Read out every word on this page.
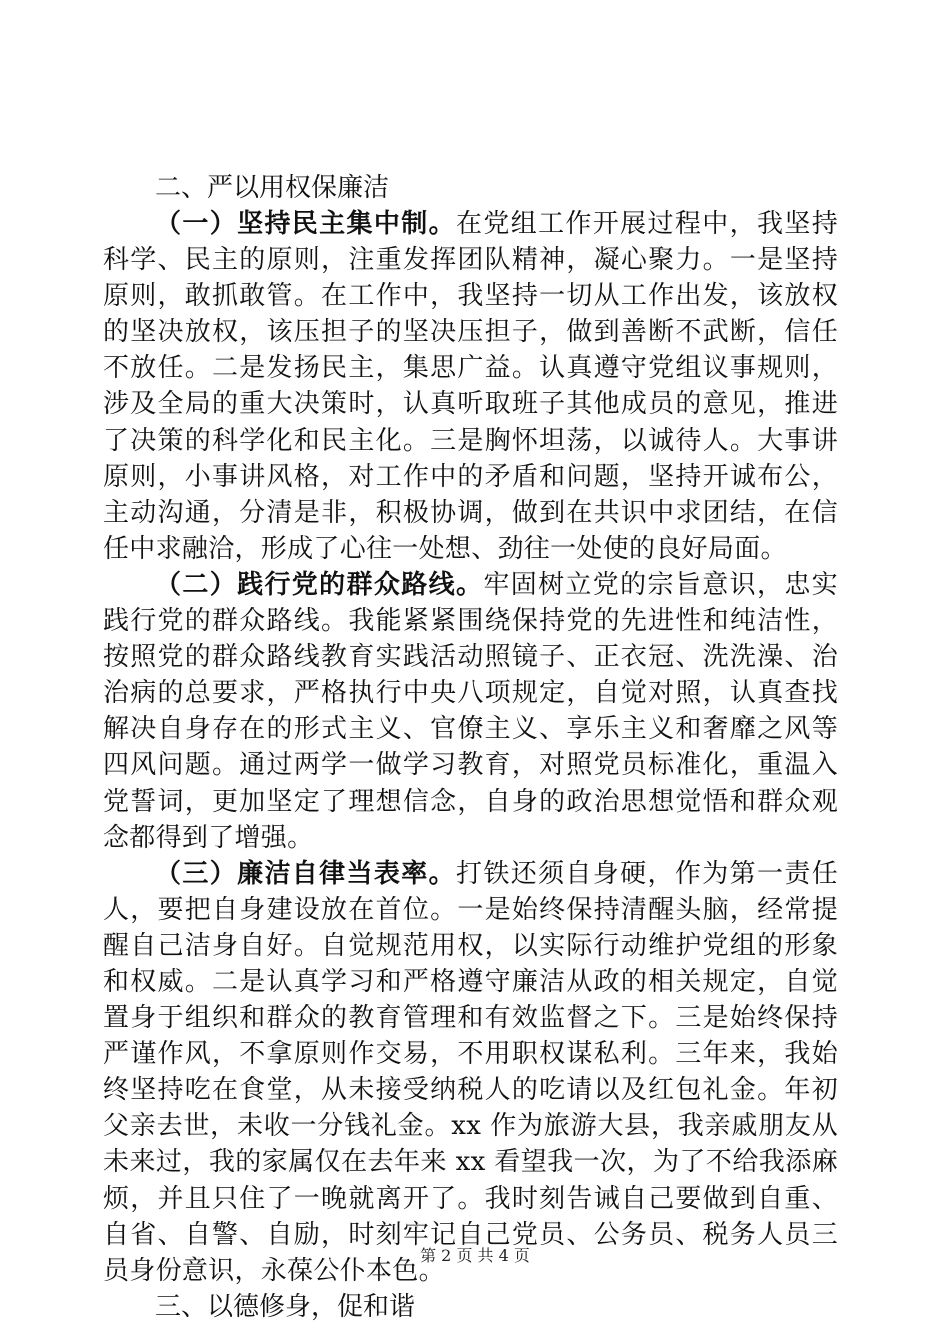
二、严以用权保廉洁

（一）坚持民主集中制。在党组工作开展过程中，我坚持科学、民主的原则，注重发挥团队精神，凝心聚力。一是坚持原则，敢抓敢管。在工作中，我坚持一切从工作出发，该放权的坚决放权，该压担子的坚决压担子，做到善断不武断，信任不放任。二是发扬民主，集思广益。认真遵守党组议事规则，涉及全局的重大决策时，认真听取班子其他成员的意见，推进了决策的科学化和民主化。三是胸怀坦荡，以诚待人。大事讲原则，小事讲风格，对工作中的矛盾和问题，坚持开诚布公，主动沟通，分清是非，积极协调，做到在共识中求团结，在信任中求融洽，形成了心往一处想、劲往一处使的良好局面。

（二）践行党的群众路线。牢固树立党的宗旨意识，忠实践行党的群众路线。我能紧紧围绕保持党的先进性和纯洁性，按照党的群众路线教育实践活动照镜子、正衣冠、洗洗澡、治治病的总要求，严格执行中央八项规定，自觉对照，认真查找解决自身存在的形式主义、官僚主义、享乐主义和奢靡之风等四风问题。通过两学一做学习教育，对照党员标准化，重温入党誓词，更加坚定了理想信念，自身的政治思想觉悟和群众观念都得到了增强。

（三）廉洁自律当表率。打铁还须自身硬，作为第一责任人，要把自身建设放在首位。一是始终保持清醒头脑，经常提醒自己洁身自好。自觉规范用权，以实际行动维护党组的形象和权威。二是认真学习和严格遵守廉洁从政的相关规定，自觉置身于组织和群众的教育管理和有效监督之下。三是始终保持严谨作风，不拿原则作交易，不用职权谋私利。三年来，我始终坚持吃在食堂，从未接受纳税人的吃请以及红包礼金。年初父亲去世，未收一分钱礼金。xx 作为旅游大县，我亲戚朋友从未来过，我的家属仅在去年来 xx 看望我一次，为了不给我添麻烦，并且只住了一晚就离开了。我时刻告诫自己要做到自重、自省、自警、自励，时刻牢记自己党员、公务员、税务人员三员身份意识，永葆公仆本色。

三、以德修身，促和谐
第 2 页 共 4 页
